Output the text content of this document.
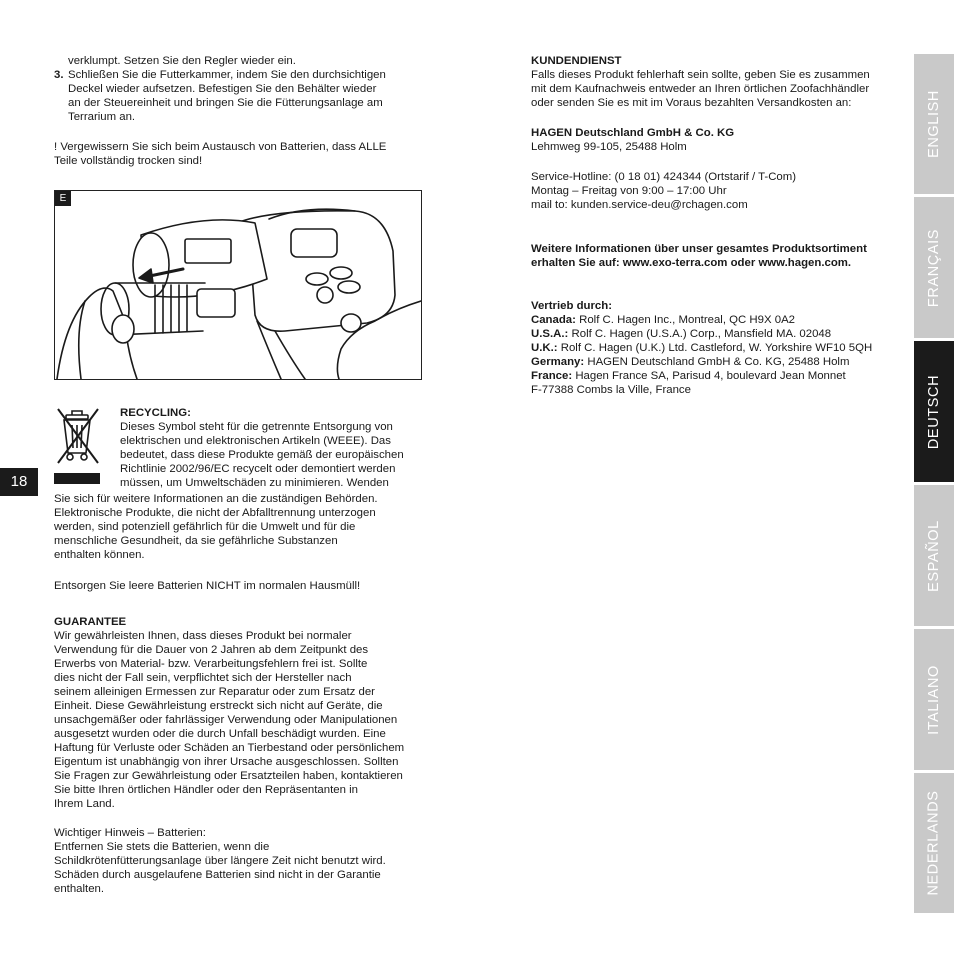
verklumpt. Setzen Sie den Regler wieder ein.
3. Schließen Sie die Futterkammer, indem Sie den durchsichtigen
Deckel wieder aufsetzen. Befestigen Sie den Behälter wieder
an der Steuereinheit und bringen Sie die Fütterungsanlage am
Terrarium an.
! Vergewissern Sie sich beim Austausch von Batterien, dass ALLE
Teile vollständig trocken sind!
E
RECYCLING:
Dieses Symbol steht für die getrennte Entsorgung von
elektrischen und elektronischen Artikeln (WEEE). Das
bedeutet, dass diese Produkte gemäß der europäischen
Richtlinie 2002/96/EC recycelt oder demontiert werden
müssen, um Umweltschäden zu minimieren. Wenden
Sie sich für weitere Informationen an die zuständigen Behörden.
Elektronische Produkte, die nicht der Abfalltrennung unterzogen
werden, sind potenziell gefährlich für die Umwelt und für die
menschliche Gesundheit, da sie gefährliche Substanzen
enthalten können.
Entsorgen Sie leere Batterien NICHT im normalen Hausmüll!
GUARANTEE
Wir gewährleisten Ihnen, dass dieses Produkt bei normaler
Verwendung für die Dauer von 2 Jahren ab dem Zeitpunkt des
Erwerbs von Material- bzw. Verarbeitungsfehlern frei ist. Sollte
dies nicht der Fall sein, verpflichtet sich der Hersteller nach
seinem alleinigen Ermessen zur Reparatur oder zum Ersatz der
Einheit. Diese Gewährleistung erstreckt sich nicht auf Geräte, die
unsachgemäßer oder fahrlässiger Verwendung oder Manipulationen
ausgesetzt wurden oder die durch Unfall beschädigt wurden. Eine
Haftung für Verluste oder Schäden an Tierbestand oder persönlichem
Eigentum ist unabhängig von ihrer Ursache ausgeschlossen. Sollten
Sie Fragen zur Gewährleistung oder Ersatzteilen haben, kontaktieren
Sie bitte Ihren örtlichen Händler oder den Repräsentanten in
Ihrem Land.
Wichtiger Hinweis – Batterien:
Entfernen Sie stets die Batterien, wenn die
Schildkrötenfütterungsanlage über längere Zeit nicht benutzt wird.
Schäden durch ausgelaufene Batterien sind nicht in der Garantie
enthalten.
KUNDENDIENST
Falls dieses Produkt fehlerhaft sein sollte, geben Sie es zusammen
mit dem Kaufnachweis entweder an Ihren örtlichen Zoofachhändler
oder senden Sie es mit im Voraus bezahlten Versandkosten an:
HAGEN Deutschland GmbH & Co. KG
Lehmweg 99-105, 25488 Holm
Service-Hotline: (0 18 01) 424344 (Ortstarif / T-Com)
Montag – Freitag von 9:00 – 17:00 Uhr
mail to: kunden.service-deu@rchagen.com
Weitere Informationen über unser gesamtes Produktsortiment
erhalten Sie auf: www.exo-terra.com oder www.hagen.com.
Vertrieb durch:
Canada: Rolf C. Hagen Inc., Montreal, QC H9X 0A2
U.S.A.: Rolf C. Hagen (U.S.A.) Corp., Mansfield MA. 02048
U.K.: Rolf C. Hagen (U.K.) Ltd. Castleford, W. Yorkshire WF10 5QH
Germany: HAGEN Deutschland GmbH & Co. KG, 25488 Holm
France: Hagen France SA, Parisud 4, boulevard Jean Monnet
F-77388 Combs la Ville, France
18
ENGLISH
FRANÇAIS
DEUTSCH
ESPAÑOL
ITALIANO
NEDERLANDS
